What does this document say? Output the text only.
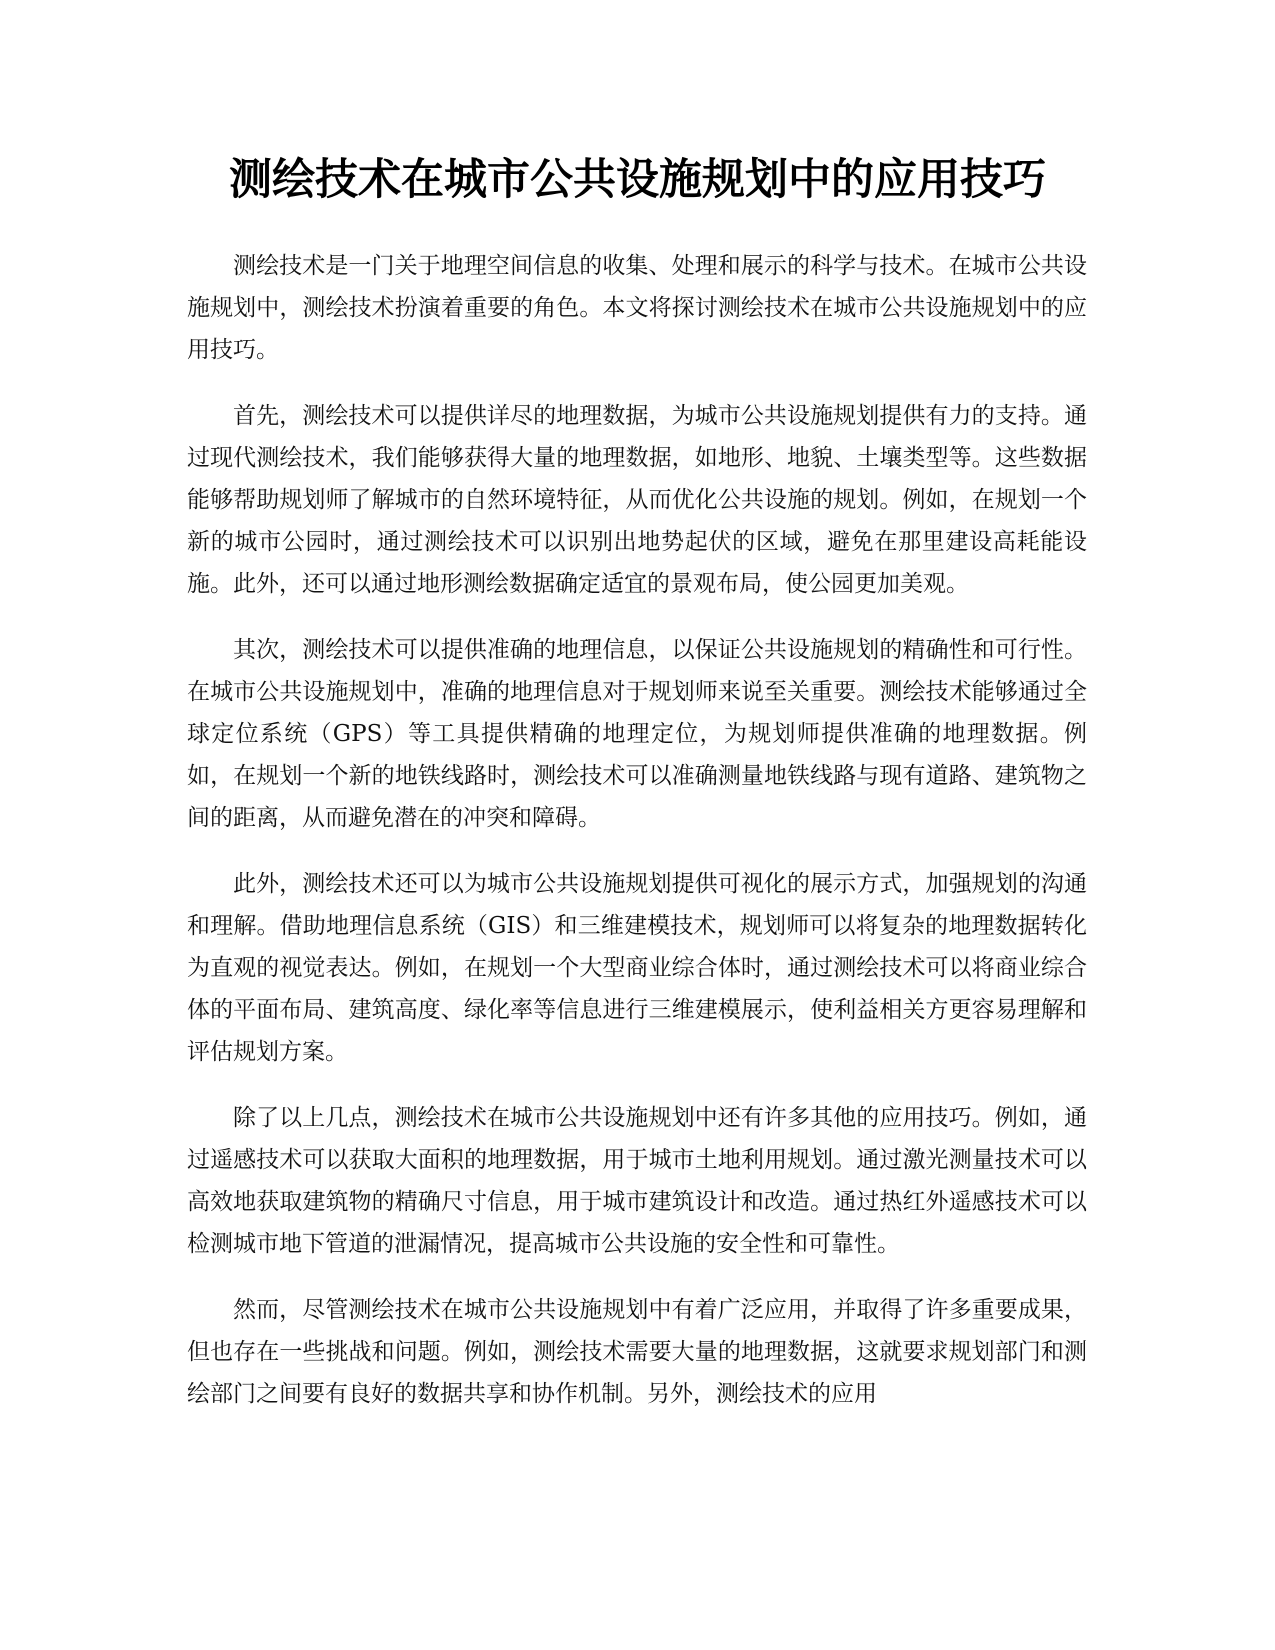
测绘技术在城市公共设施规划中的应用技巧

测绘技术是一门关于地理空间信息的收集、处理和展示的科学与技术。在城市公共设施规划中，测绘技术扮演着重要的角色。本文将探讨测绘技术在城市公共设施规划中的应用技巧。

首先，测绘技术可以提供详尽的地理数据，为城市公共设施规划提供有力的支持。通过现代测绘技术，我们能够获得大量的地理数据，如地形、地貌、土壤类型等。这些数据能够帮助规划师了解城市的自然环境特征，从而优化公共设施的规划。例如，在规划一个新的城市公园时，通过测绘技术可以识别出地势起伏的区域，避免在那里建设高耗能设施。此外，还可以通过地形测绘数据确定适宜的景观布局，使公园更加美观。

其次，测绘技术可以提供准确的地理信息，以保证公共设施规划的精确性和可行性。在城市公共设施规划中，准确的地理信息对于规划师来说至关重要。测绘技术能够通过全球定位系统（GPS）等工具提供精确的地理定位，为规划师提供准确的地理数据。例如，在规划一个新的地铁线路时，测绘技术可以准确测量地铁线路与现有道路、建筑物之间的距离，从而避免潜在的冲突和障碍。

此外，测绘技术还可以为城市公共设施规划提供可视化的展示方式，加强规划的沟通和理解。借助地理信息系统（GIS）和三维建模技术，规划师可以将复杂的地理数据转化为直观的视觉表达。例如，在规划一个大型商业综合体时，通过测绘技术可以将商业综合体的平面布局、建筑高度、绿化率等信息进行三维建模展示，使利益相关方更容易理解和评估规划方案。

除了以上几点，测绘技术在城市公共设施规划中还有许多其他的应用技巧。例如，通过遥感技术可以获取大面积的地理数据，用于城市土地利用规划。通过激光测量技术可以高效地获取建筑物的精确尺寸信息，用于城市建筑设计和改造。通过热红外遥感技术可以检测城市地下管道的泄漏情况，提高城市公共设施的安全性和可靠性。

然而，尽管测绘技术在城市公共设施规划中有着广泛应用，并取得了许多重要成果，但也存在一些挑战和问题。例如，测绘技术需要大量的地理数据，这就要求规划部门和测绘部门之间要有良好的数据共享和协作机制。另外，测绘技术的应用
